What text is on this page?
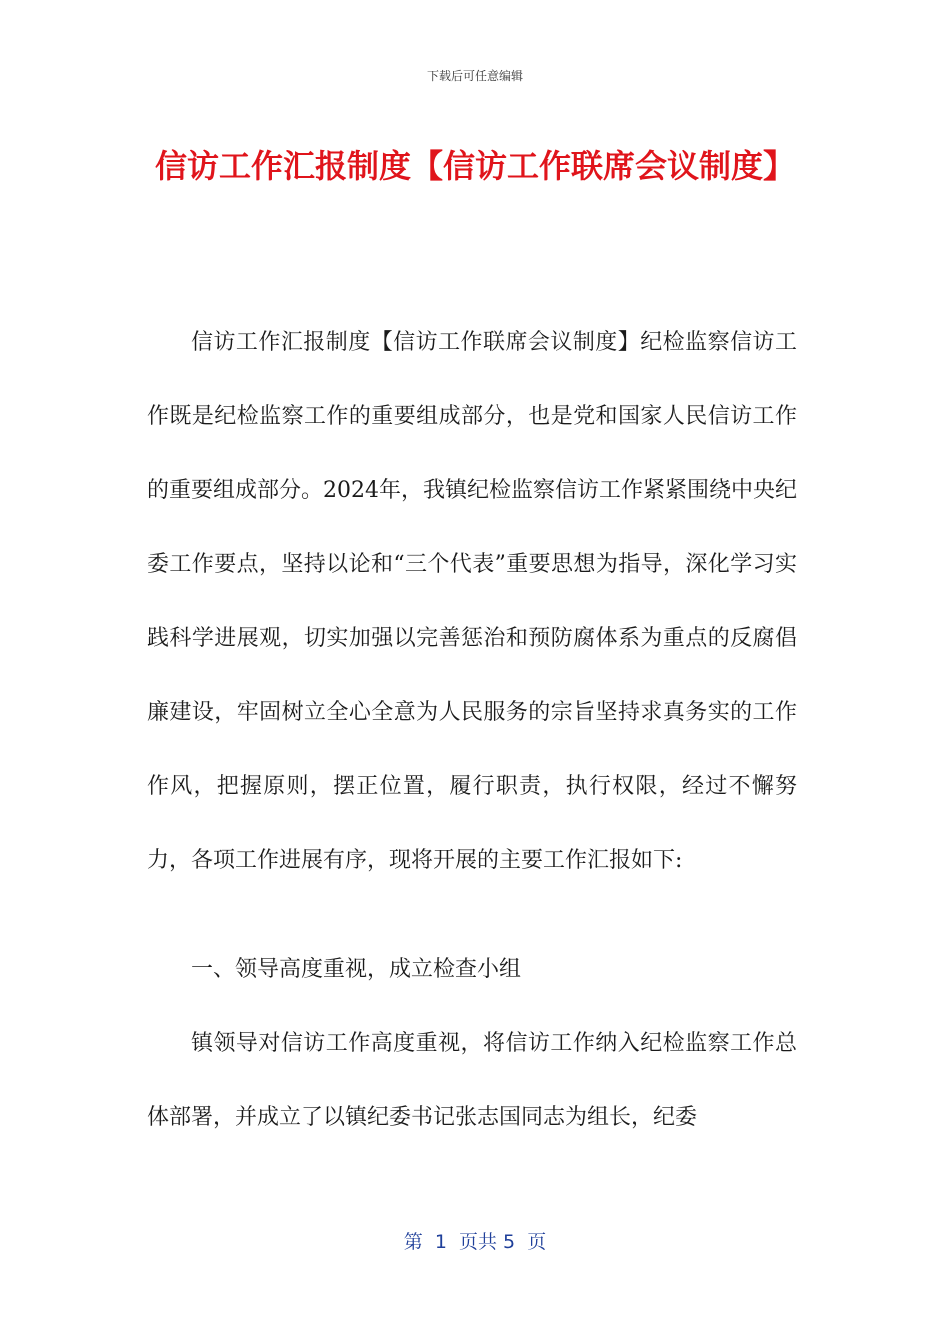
下载后可任意编辑
信访工作汇报制度【信访工作联席会议制度】

信访工作汇报制度【信访工作联席会议制度】纪检监察信访工作既是纪检监察工作的重要组成部分，也是党和国家人民信访工作的重要组成部分。2024年，我镇纪检监察信访工作紧紧围绕中央纪委工作要点，坚持以论和“三个代表”重要思想为指导，深化学习实践科学进展观，切实加强以完善惩治和预防腐体系为重点的反腐倡廉建设，牢固树立全心全意为人民服务的宗旨坚持求真务实的工作作风，把握原则，摆正位置，履行职责，执行权限，经过不懈努力，各项工作进展有序，现将开展的主要工作汇报如下:

一、领导高度重视，成立检查小组

镇领导对信访工作高度重视，将信访工作纳入纪检监察工作总体部署，并成立了以镇纪委书记张志国同志为组长，纪委

第  1  页共 5  页
